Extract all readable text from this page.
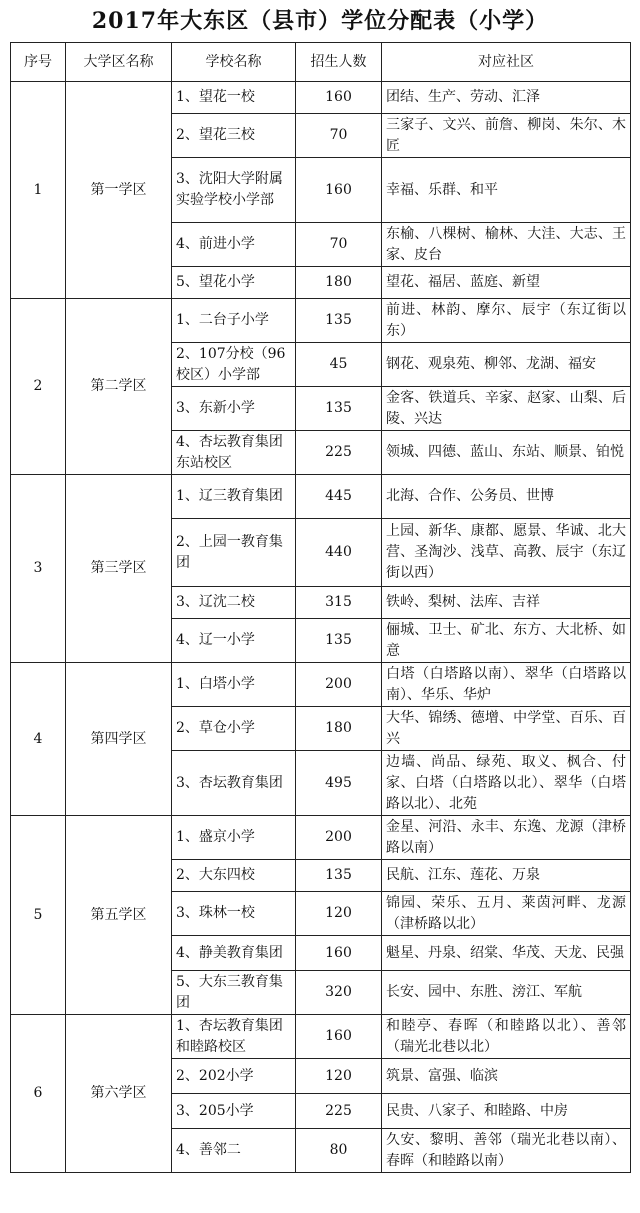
2017年大东区（县市）学位分配表（小学）
序号	大学区名称	学校名称	招生人数	对应社区
1	第一学区	1、望花一校	160	团结、生产、劳动、汇泽
		2、望花三校	70	三家子、文兴、前詹、柳岗、朱尔、木匠
		3、沈阳大学附属实验学校小学部	160	幸福、乐群、和平
		4、前进小学	70	东榆、八棵树、榆林、大洼、大志、王家、皮台
		5、望花小学	180	望花、福居、蓝庭、新望
2	第二学区	1、二台子小学	135	前进、林韵、摩尔、辰宇（东辽街以东）
		2、107分校（96校区）小学部	45	钢花、观泉苑、柳邻、龙湖、福安
		3、东新小学	135	金客、铁道兵、辛家、赵家、山梨、后陵、兴达
		4、杏坛教育集团东站校区	225	领城、四德、蓝山、东站、顺景、铂悦
3	第三学区	1、辽三教育集团	445	北海、合作、公务员、世博
		2、上园一教育集团	440	上园、新华、康都、愿景、华诚、北大营、圣淘沙、浅草、高教、辰宇（东辽街以西）
		3、辽沈二校	315	铁岭、梨树、法库、吉祥
		4、辽一小学	135	俪城、卫士、矿北、东方、大北桥、如意
4	第四学区	1、白塔小学	200	白塔（白塔路以南）、翠华（白塔路以南）、华乐、华炉
		2、草仓小学	180	大华、锦绣、德增、中学堂、百乐、百兴
		3、杏坛教育集团	495	边墙、尚品、绿苑、取义、枫合、付家、白塔（白塔路以北）、翠华（白塔路以北）、北苑
5	第五学区	1、盛京小学	200	金星、河沿、永丰、东逸、龙源（津桥路以南）
		2、大东四校	135	民航、江东、莲花、万泉
		3、珠林一校	120	锦园、荣乐、五月、莱茵河畔、龙源（津桥路以北）
		4、静美教育集团	160	魁星、丹泉、绍棠、华茂、天龙、民强
		5、大东三教育集团	320	长安、园中、东胜、滂江、军航
6	第六学区	1、杏坛教育集团和睦路校区	160	和睦亭、春晖（和睦路以北）、善邻（瑞光北巷以北）
		2、202小学	120	筑景、富强、临滨
		3、205小学	225	民贵、八家子、和睦路、中房
		4、善邻二	80	久安、黎明、善邻（瑞光北巷以南）、春晖（和睦路以南）
